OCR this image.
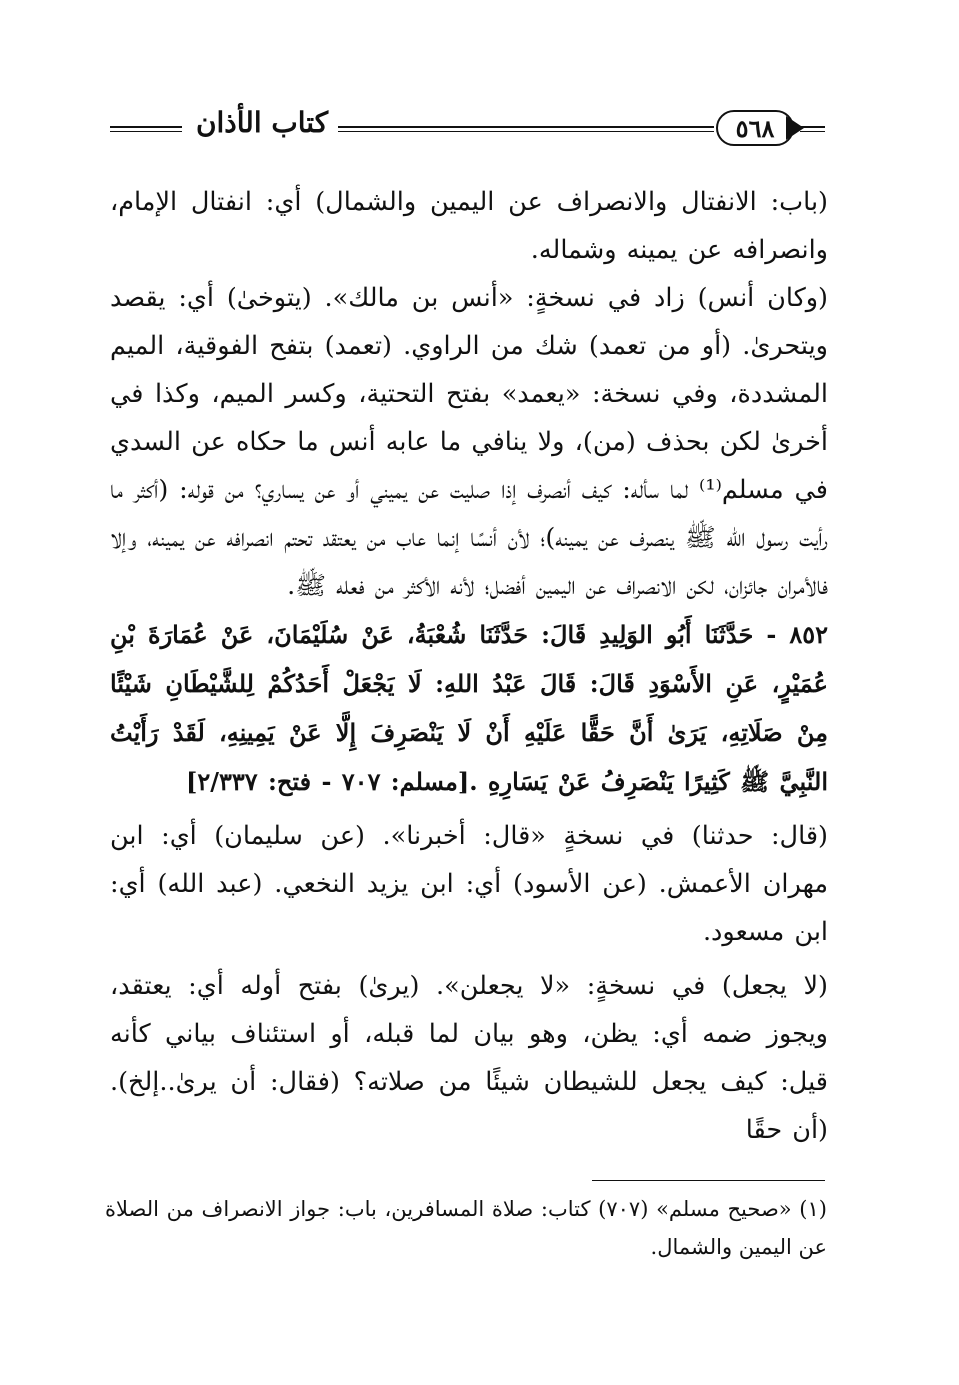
كتاب الأذان	٥٦٨

(باب: الانفتال والانصراف عن اليمين والشمال) أي: انفتال الإمام، وانصرافه عن يمينه وشماله.

(وكان أنس) زاد في نسخةٍ: «أنس بن مالك». (يتوخىٰ) أي: يقصد ويتحرىٰ. (أو من تعمد) شك من الراوي. (تعمد) بتفح الفوقية، الميم المشددة، وفي نسخة: «يعمد» بفتح التحتية، وكسر الميم، وكذا في أخرىٰ لكن بحذف (من)، ولا ينافي ما عابه أنس ما حكاه عن السدي في مسلم⁽¹⁾ لما سأله: كيف أنصرف إذا صليت عن يميني أو عن يساري؟ من قوله: (أكثر ما رأيت رسول الله ﷺ ينصرف عن يمينه)؛ لأن أنسًا إنما عاب من يعتقد تحتم انصرافه عن يمينه، وإلا فالأمران جائزان، لكن الانصراف عن اليمين أفضل؛ لأنه الأكثر من فعله ﷺ.

٨٥٢ - حَدَّثَنَا أَبُو الوَلِيدِ قَالَ: حَدَّثَنَا شُعْبَةُ، عَنْ سُلَيْمَانَ، عَنْ عُمَارَةَ بْنِ عُمَيْرٍ، عَنِ الأَسْوَدِ قَالَ: قَالَ عَبْدُ اللهِ: لَا يَجْعَلْ أَحَدُكُمْ لِلشَّيْطَانِ شَيْئًا مِنْ صَلَاتِهِ، يَرَىٰ أَنَّ حَقًّا عَلَيْهِ أَنْ لَا يَنْصَرِفَ إِلَّا عَنْ يَمِينِهِ، لَقَدْ رَأَيْتُ النَّبِيَّ ﷺ كَثِيرًا يَنْصَرِفُ عَنْ يَسَارِهِ .[مسلم: ٧٠٧ - فتح: ٢/٣٣٧]

(قال: حدثنا) في نسخةٍ «قال: أخبرنا». (عن سليمان) أي: ابن مهران الأعمش. (عن الأسود) أي: ابن يزيد النخعي. (عبد الله) أي: ابن مسعود.

(لا يجعل) في نسخةٍ: «لا يجعلن». (يرىٰ) بفتح أوله أي: يعتقد، ويجوز ضمه أي: يظن، وهو بيان لما قبله، أو استئناف بياني كأنه قيل: كيف يجعل للشيطان شيئًا من صلاته؟ (فقال: أن يرىٰ..إلخ). (أن حقًا

(١) «صحيح مسلم» (٧٠٧) كتاب: صلاة المسافرين، باب: جواز الانصراف من الصلاة عن اليمين والشمال.
